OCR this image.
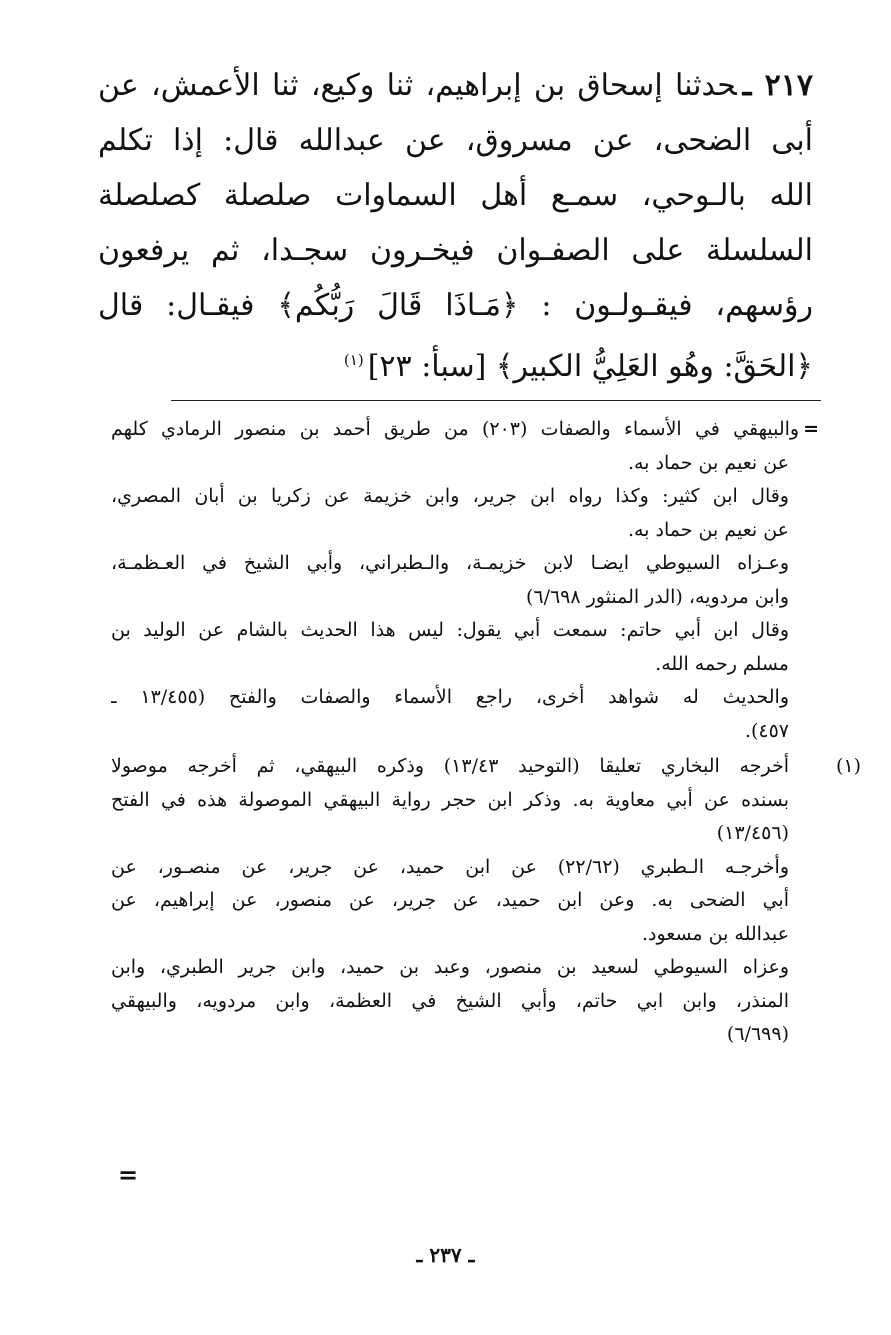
٢١٧ ـحدثنا إسحاق بن إبراهيم، ثنا وكيع، ثنا الأعمش، عن
أبى الضحى، عن مسروق، عن عبدالله قال: إذا تكلم
الله بالـوحي، سمـع أهل السماوات صلصلة كصلصلة
السلسلة على الصفـوان فيخـرون سجـدا، ثم يرفعون
رؤسهم، فيقـولـون : ﴿مَـاذَا قَالَ رَبُّكُم﴾ فيقـال: قال
﴿الحَقَّ: وهُو العَلِيُّ الكبير﴾ [سبأ: ٢٣]$^{(١)}$
=والبيهقي في الأسماء والصفات (٢٠٣) من طريق أحمد بن منصور الرمادي كلهم
عن نعيم بن حماد به.
وقال ابن كثير: وكذا رواه ابن جرير، وابن خزيمة عن زكريا بن أبان المصري،
عن نعيم بن حماد به.
وعـزاه السيوطي ايضـا لابن خزيمـة، والـطبراني، وأبي الشيخ في العـظمـة،
وابن مردويه، (الدر المنثور ٦/٦٩٨)
وقال ابن أبي حاتم: سمعت أبي يقول: ليس هذا الحديث بالشام عن الوليد بن
مسلم رحمه الله.
والحديث له شواهد أخرى، راجع الأسماء والصفات والفتح (١٣/٤٥٥ ـ
٤٥٧).
(١)
أخرجه البخاري تعليقا (التوحيد ١٣/٤٣) وذكره البيهقي، ثم أخرجه موصولا
بسنده عن أبي معاوية به. وذكر ابن حجر رواية البيهقي الموصولة هذه في الفتح
(١٣/٤٥٦)
وأخرجـه الـطبري (٢٢/٦٢) عن ابن حميد، عن جرير، عن منصـور، عن
أبي الضحى به. وعن ابن حميد، عن جرير، عن منصور، عن إبراهيم، عن
عبدالله بن مسعود.
وعزاه السيوطي لسعيد بن منصور، وعبد بن حميد، وابن جرير الطبري، وابن
المنذر، وابن ابي حاتم، وأبي الشيخ في العظمة، وابن مردويه، والبيهقي
(٦/٦٩٩)
=
ـ ٢٣٧ ـ
